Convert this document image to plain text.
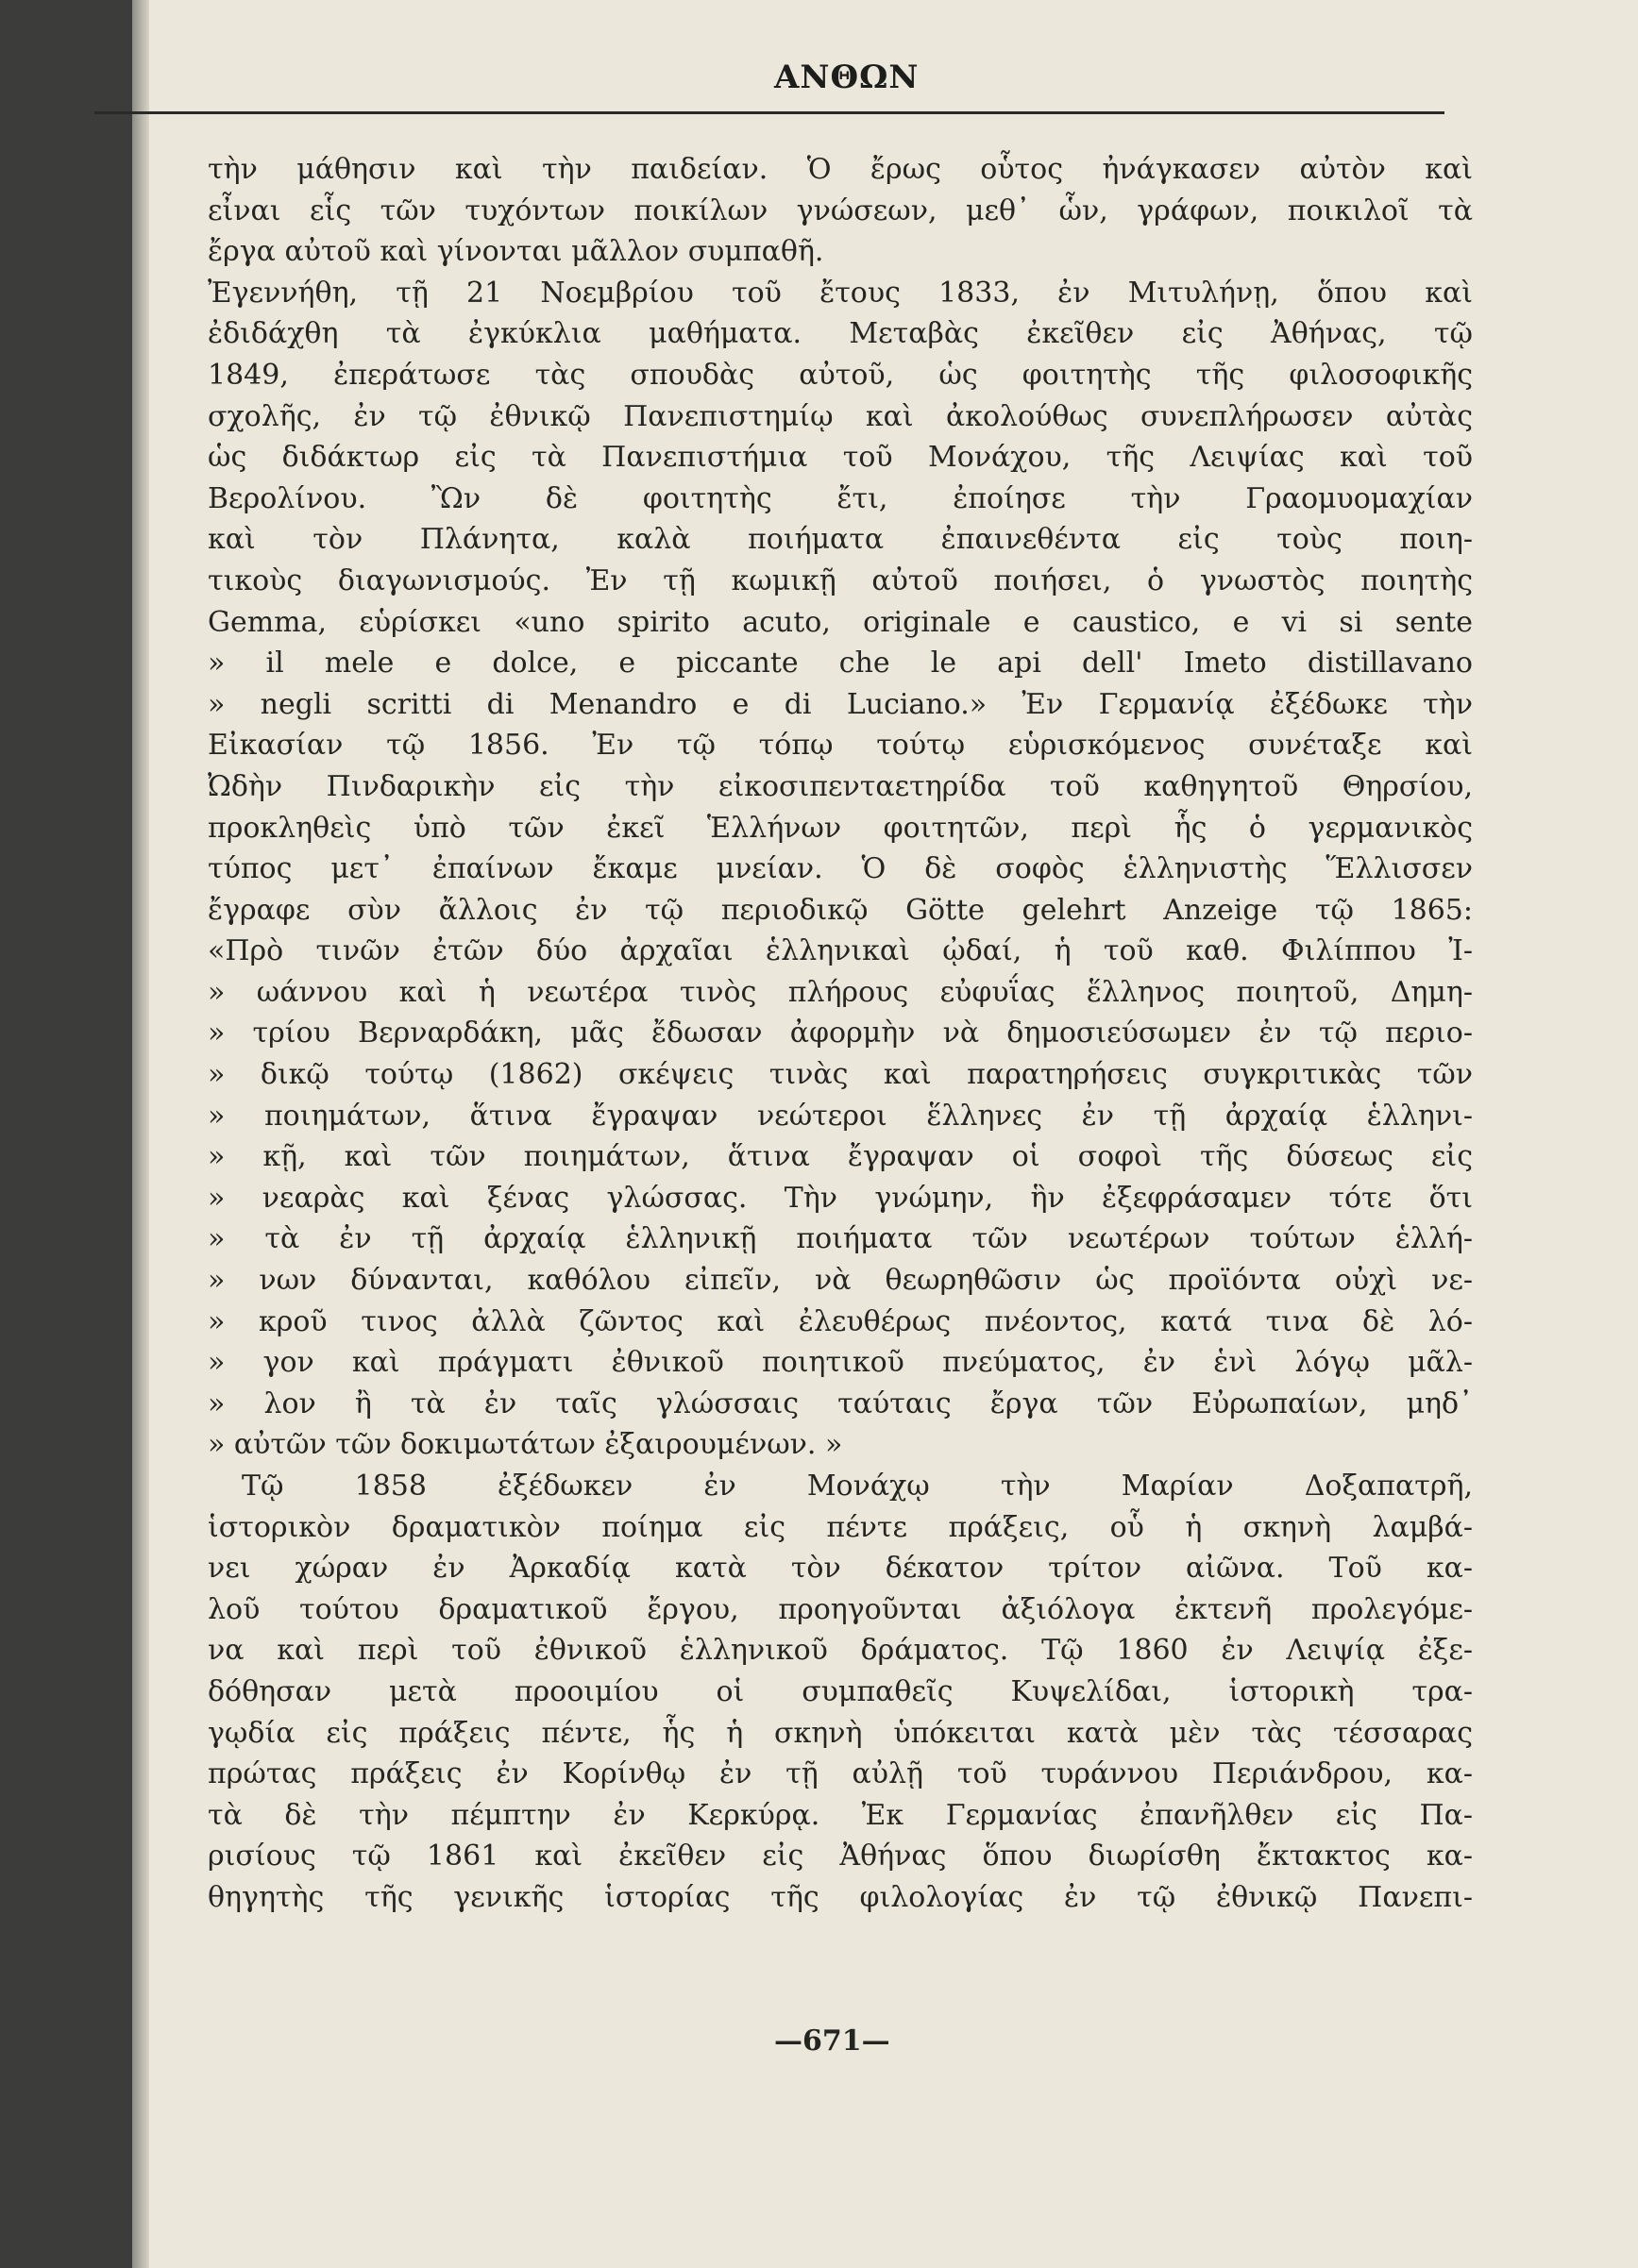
ΑΝΘΩΝ
τὴν μάθησιν καὶ τὴν παιδείαν. Ὁ ἔρως οὗτος ἠνάγκασεν αὐτὸν καὶ
εἶναι εἷς τῶν τυχόντων ποικίλων γνώσεων, μεθ᾿ ὧν, γράφων, ποικιλοῖ τὰ
ἔργα αὐτοῦ καὶ γίνονται μᾶλλον συμπαθῆ.
Ἐγεννήθη, τῇ 21 Νοεμβρίου τοῦ ἔτους 1833, ἐν Μιτυλήνῃ, ὅπου καὶ
ἐδιδάχθη τὰ ἐγκύκλια μαθήματα. Μεταβὰς ἐκεῖθεν εἰς Ἀθήνας, τῷ
1849, ἐπεράτωσε τὰς σπουδὰς αὐτοῦ, ὡς φοιτητὴς τῆς φιλοσοφικῆς
σχολῆς, ἐν τῷ ἐθνικῷ Πανεπιστημίῳ καὶ ἀκολούθως συνεπλήρωσεν αὐτὰς
ὡς διδάκτωρ εἰς τὰ Πανεπιστήμια τοῦ Μονάχου, τῆς Λειψίας καὶ τοῦ
Βερολίνου. Ὢν δὲ φοιτητὴς ἔτι, ἐποίησε τὴν Γραομυομαχίαν
καὶ τὸν Πλάνητα, καλὰ ποιήματα ἐπαινεθέντα εἰς τοὺς ποιη-
τικοὺς διαγωνισμούς. Ἐν τῇ κωμικῇ αὐτοῦ ποιήσει, ὁ γνωστὸς ποιητὴς
Gemma, εὑρίσκει «uno spirito acuto, originale e caustico, e vi si sente
» il mele e dolce, e piccante che le api dell' Imeto distillavano
» negli scritti di Menandro e di Luciano.» Ἐν Γερμανίᾳ ἐξέδωκε τὴν
Εἰκασίαν τῷ 1856. Ἐν τῷ τόπῳ τούτῳ εὑρισκόμενος συνέταξε καὶ
Ὠδὴν Πινδαρικὴν εἰς τὴν εἰκοσιπενταετηρίδα τοῦ καθηγητοῦ Θηρσίου,
προκληθεὶς ὑπὸ τῶν ἐκεῖ Ἑλλήνων φοιτητῶν, περὶ ἧς ὁ γερμανικὸς
τύπος μετ᾿ ἐπαίνων ἔκαμε μνείαν. Ὁ δὲ σοφὸς ἑλληνιστὴς Ἕλλισσεν
ἔγραφε σὺν ἄλλοις ἐν τῷ περιοδικῷ Götte gelehrt Anzeige τῷ 1865:
«Πρὸ τινῶν ἐτῶν δύο ἀρχαῖαι ἑλληνικαὶ ᾠδαί, ἡ τοῦ καθ. Φιλίππου Ἰ-
» ωάννου καὶ ἡ νεωτέρα τινὸς πλήρους εὐφυΐας ἕλληνος ποιητοῦ, Δημη-
» τρίου Βερναρδάκη, μᾶς ἔδωσαν ἀφορμὴν νὰ δημοσιεύσωμεν ἐν τῷ περιο-
» δικῷ τούτῳ (1862) σκέψεις τινὰς καὶ παρατηρήσεις συγκριτικὰς τῶν
» ποιημάτων, ἅτινα ἔγραψαν νεώτεροι ἕλληνες ἐν τῇ ἀρχαίᾳ ἑλληνι-
» κῇ, καὶ τῶν ποιημάτων, ἅτινα ἔγραψαν οἱ σοφοὶ τῆς δύσεως εἰς
» νεαρὰς καὶ ξένας γλώσσας. Τὴν γνώμην, ἣν ἐξεφράσαμεν τότε ὅτι
» τὰ ἐν τῇ ἀρχαίᾳ ἑλληνικῇ ποιήματα τῶν νεωτέρων τούτων ἑλλή-
» νων δύνανται, καθόλου εἰπεῖν, νὰ θεωρηθῶσιν ὡς προϊόντα οὐχὶ νε-
» κροῦ τινος ἀλλὰ ζῶντος καὶ ἐλευθέρως πνέοντος, κατά τινα δὲ λό-
» γον καὶ πράγματι ἐθνικοῦ ποιητικοῦ πνεύματος, ἐν ἑνὶ λόγῳ μᾶλ-
» λον ἢ τὰ ἐν ταῖς γλώσσαις ταύταις ἔργα τῶν Εὐρωπαίων, μηδ᾿
» αὐτῶν τῶν δοκιμωτάτων ἐξαιρουμένων. »
Τῷ 1858 ἐξέδωκεν ἐν Μονάχῳ τὴν Μαρίαν Δοξαπατρῆ,
ἱστορικὸν δραματικὸν ποίημα εἰς πέντε πράξεις, οὗ ἡ σκηνὴ λαμβά-
νει χώραν ἐν Ἀρκαδίᾳ κατὰ τὸν δέκατον τρίτον αἰῶνα. Τοῦ κα-
λοῦ τούτου δραματικοῦ ἔργου, προηγοῦνται ἀξιόλογα ἐκτενῆ προλεγόμε-
να καὶ περὶ τοῦ ἐθνικοῦ ἑλληνικοῦ δράματος. Τῷ 1860 ἐν Λειψίᾳ ἐξε-
δόθησαν μετὰ προοιμίου οἱ συμπαθεῖς Κυψελίδαι, ἱστορικὴ τρα-
γῳδία εἰς πράξεις πέντε, ἧς ἡ σκηνὴ ὑπόκειται κατὰ μὲν τὰς τέσσαρας
πρώτας πράξεις ἐν Κορίνθῳ ἐν τῇ αὐλῇ τοῦ τυράννου Περιάνδρου, κα-
τὰ δὲ τὴν πέμπτην ἐν Κερκύρᾳ. Ἐκ Γερμανίας ἐπανῆλθεν εἰς Πα-
ρισίους τῷ 1861 καὶ ἐκεῖθεν εἰς Ἀθήνας ὅπου διωρίσθη ἔκτακτος κα-
θηγητὴς τῆς γενικῆς ἱστορίας τῆς φιλολογίας ἐν τῷ ἐθνικῷ Πανεπι-
—671—
